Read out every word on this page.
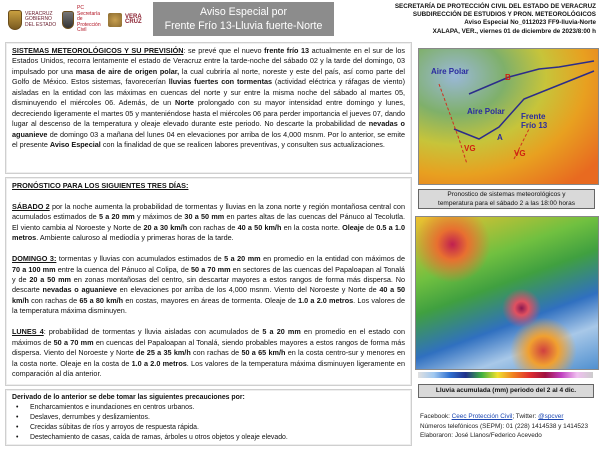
VERACRUZ GOBIERNO DEL ESTADO
PC Secretaría de Protección Civil
VERA CRUZ
Aviso Especial por
Frente Frío 13-Lluvia fuerte-Norte
SECRETARÍA DE PROTECCIÓN CIVIL DEL ESTADO DE VERACRUZ
SUBDIRECCIÓN DE ESTUDIOS Y PRON. METEOROLÓGICOS
Aviso Especial No_0112023 FF9-lluvia-Norte
XALAPA, VER., viernes 01 de diciembre de 2023/8:00 h

SISTEMAS METEOROLÓGICOS Y SU PREVISIÓN: se prevé que el nuevo frente frío 13 actualmente en el sur de los Estados Unidos, recorra lentamente el estado de Veracruz entre la tarde-noche del sábado 02 y la tarde del domingo, 03 impulsado por una masa de aire de origen polar, la cual cubriría al norte, noreste y este del país, así como parte del Golfo de México. Estos sistemas, favorecerían lluvias fuertes con tormentas (actividad eléctrica y ráfagas de viento) aisladas en la entidad con las máximas en cuencas del norte y sur entre la misma noche del sábado al martes 05, disminuyendo el miércoles 06. Además, de un Norte prolongado con su mayor intensidad entre domingo y lunes, decreciendo ligeramente el martes 05 y manteniéndose hasta el miércoles 06 para perder importancia el jueves 07, dando lugar al descenso de la temperatura y oleaje elevado durante este periodo. No descarte la probabilidad de nevadas o aguanieve de domingo 03 a mañana del lunes 04 en elevaciones por arriba de los 4,000 msnm. Por lo anterior, se emite el presente Aviso Especial con la finalidad de que se realicen labores preventivas, y consulten sus actualizaciones.

PRONÓSTICO PARA LOS SIGUIENTES TRES DÍAS:

SÁBADO 2 por la noche aumenta la probabilidad de tormentas y lluvias en la zona norte y región montañosa central con acumulados estimados de 5 a 20 mm y máximos de 30 a 50 mm en partes altas de las cuencas del Pánuco al Tecolutla. El viento cambia al Noroeste y Norte de 20 a 30 km/h con rachas de 40 a 50 km/h en la costa norte. Oleaje de 0.5 a 1.0 metros. Ambiente caluroso al mediodía y primeras horas de la tarde.

DOMINGO 3: tormentas y lluvias con acumulados estimados de 5 a 20 mm en promedio en la entidad con máximos de 70 a 100 mm entre la cuenca del Pánuco al Colipa, de 50 a 70 mm en sectores de las cuencas del Papaloapan al Tonalá y de 20 a 50 mm en zonas montañosas del centro, sin descartar mayores a estos rangos de forma más dispersa. No descarte nevadas o aguanieve en elevaciones por arriba de los 4,000 msnm. Viento del Noroeste y Norte de 40 a 50 km/h con rachas de 65 a 80 km/h en costas, mayores en áreas de tormenta. Oleaje de 1.0 a 2.0 metros. Los valores de la temperatura máxima disminuyen.

LUNES 4: probabilidad de tormentas y lluvia aisladas con acumulados de 5 a 20 mm en promedio en el estado con máximos de 50 a 70 mm en cuencas del Papaloapan al Tonalá, siendo probables mayores a estos rangos de forma más dispersa. Viento del Noroeste y Norte de 25 a 35 km/h con rachas de 50 a 65 km/h en la costa centro-sur y menores en la costa norte. Oleaje en la costa de 1.0 a 2.0 metros. Los valores de la temperatura máxima disminuyen ligeramente en comparación al día anterior.

Derivado de lo anterior se debe tomar las siguientes precauciones por:

• Encharcamientos e inundaciones en centros urbanos.
• Deslaves, derrumbes y deslizamientos.
• Crecidas súbitas de ríos y arroyos de respuesta rápida.
• Destechamiento de casas, caída de ramas, árboles u otros objetos y oleaje elevado.
Aire Polar
Aire Polar
Frente
Frío 13
VG
VG
B
A
Pronostico de sistemas meteorológicos y
temperatura para el sábado 2 a las 18:00 horas
Lluvia acumulada (mm) periodo del 2 al 4 dic.
Facebook: Ceec Protección Civil; Twitter: @spcver
Números telefónicos (SEPM): 01 (228) 1414538 y 1414523
Elaboraron: José Llanos/Federico Acevedo
